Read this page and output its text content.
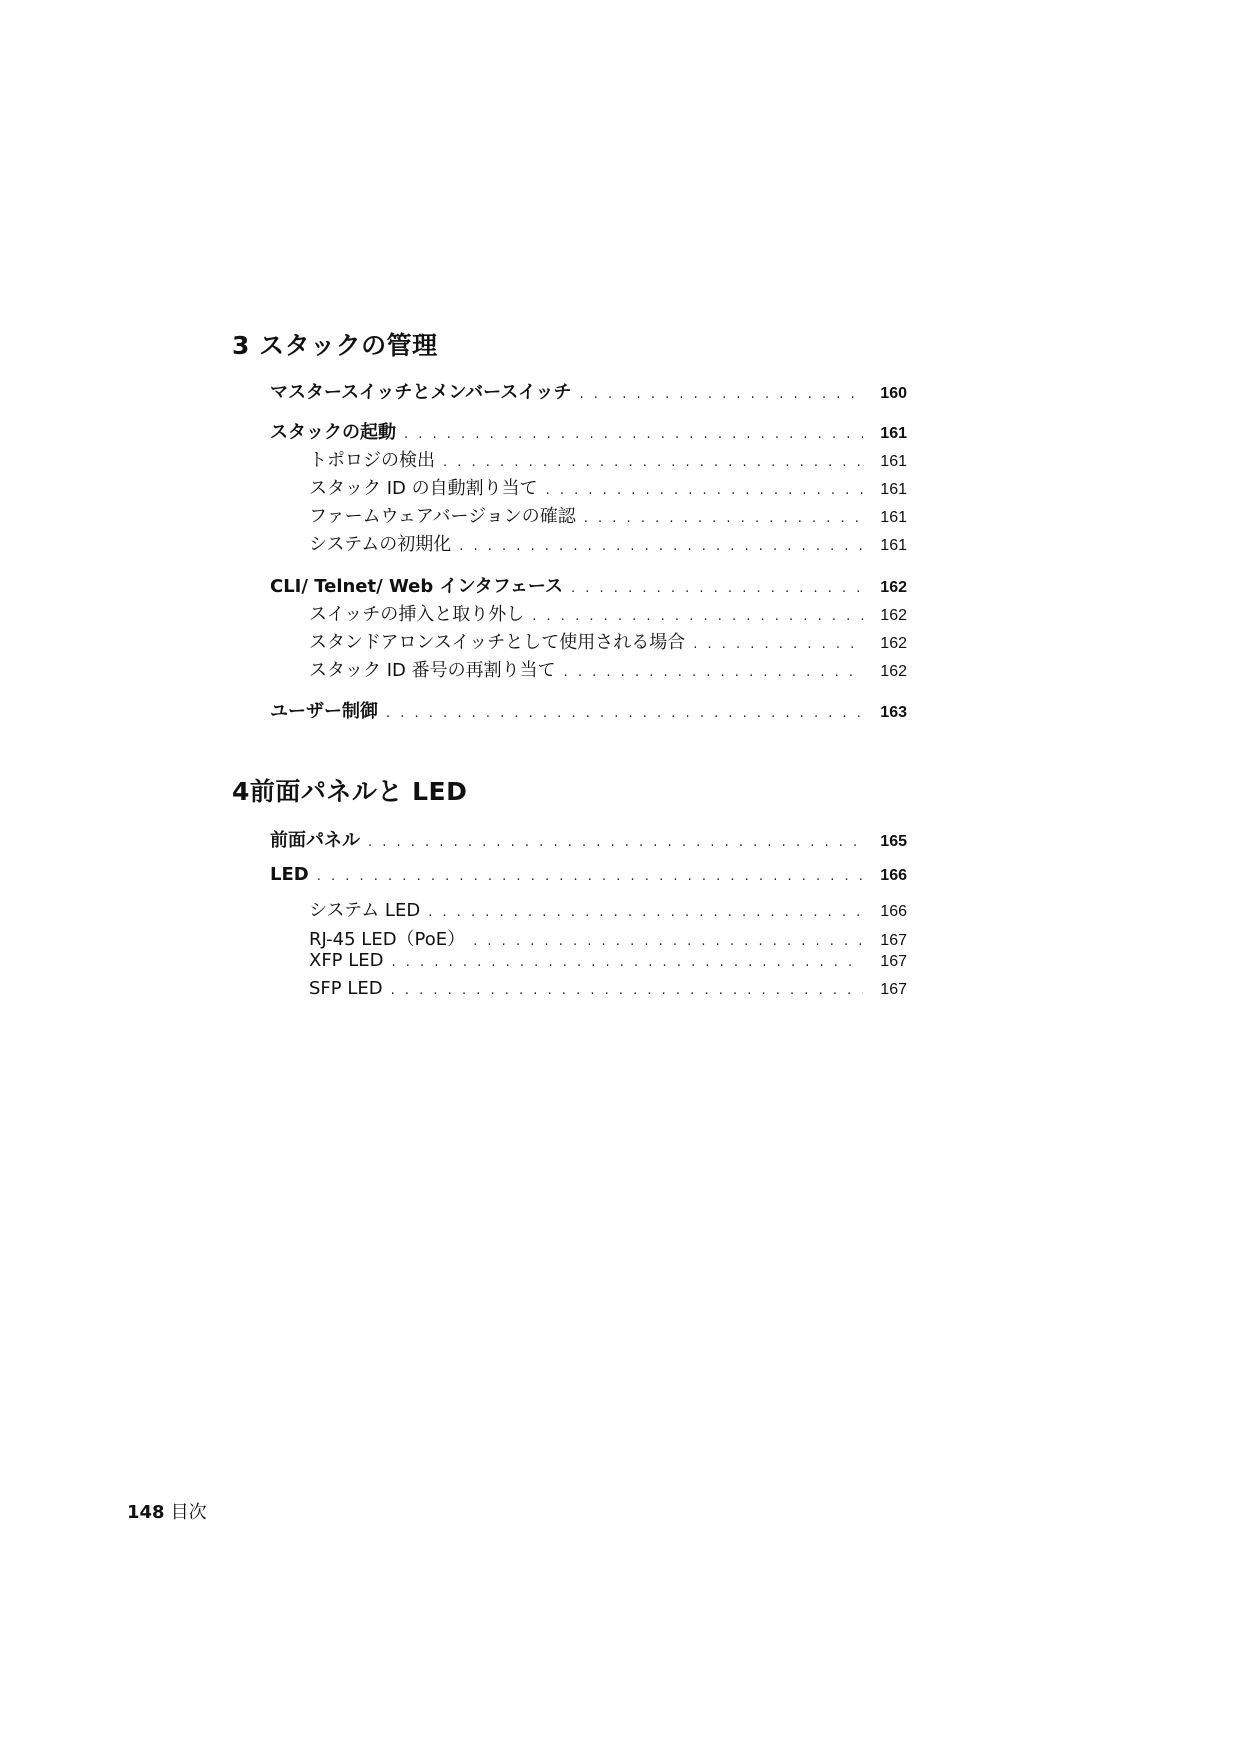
3 スタックの管理
マスタースイッチとメンバースイッチ . . .	160
スタックの起動 . . .	161
トポロジの検出 . . .	161
スタック ID の自動割り当て . . .	161
ファームウェアバージョンの確認 . . .	161
システムの初期化 . . .	161
CLI/ Telnet/ Web インタフェース . . .	162
スイッチの挿入と取り外し . . .	162
スタンドアロンスイッチとして使用される場合 . . .	162
スタック ID 番号の再割り当て . . .	162
ユーザー制御 . . .	163
4前面パネルと LED
前面パネル . . .	165
LED . . .	166
システム LED . . .	166
RJ-45 LED（PoE） . . .	167
XFP LED . . .	167
SFP LED . . .	167
148 目次
